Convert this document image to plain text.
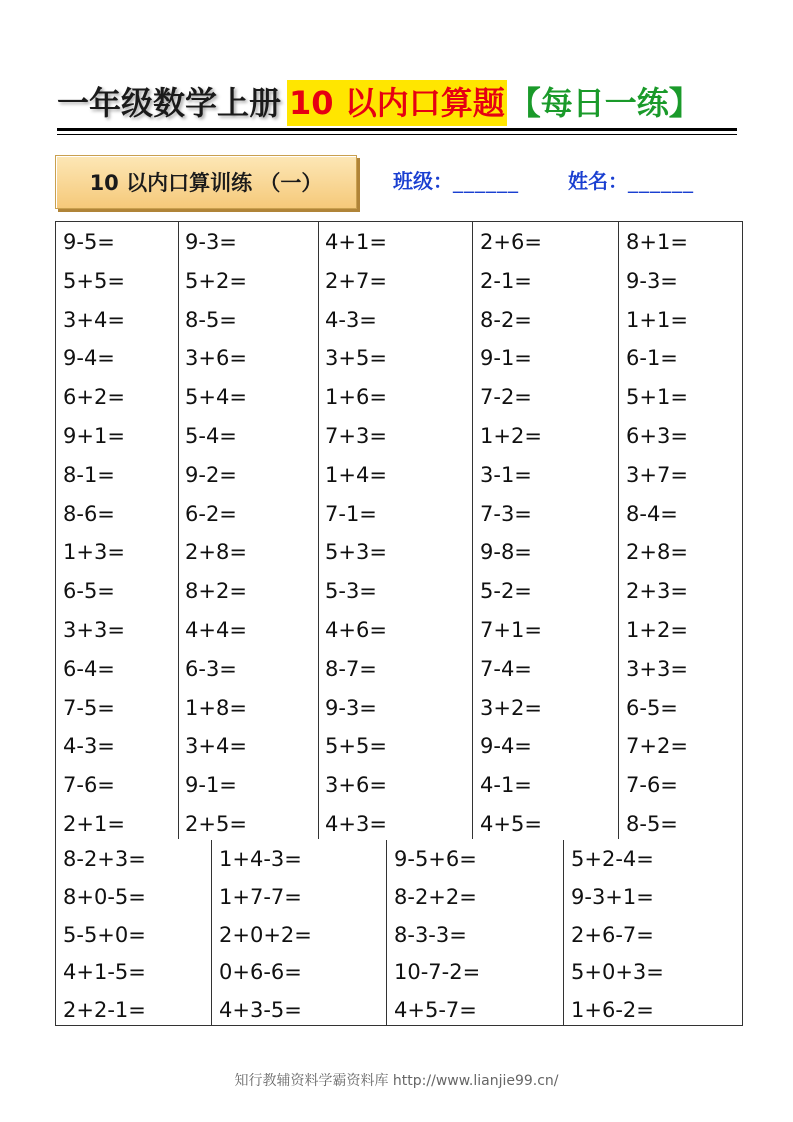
一年级数学上册 10 以内口算题 【每日一练】
10 以内口算训练 （一）	班级：______ 姓名：______
9-5=
5+5=
3+4=
9-4=
6+2=
9+1=
8-1=
8-6=
1+3=
6-5=
3+3=
6-4=
7-5=
4-3=
7-6=
2+1=
9-3=
5+2=
8-5=
3+6=
5+4=
5-4=
9-2=
6-2=
2+8=
8+2=
4+4=
6-3=
1+8=
3+4=
9-1=
2+5=
4+1=
2+7=
4-3=
3+5=
1+6=
7+3=
1+4=
7-1=
5+3=
5-3=
4+6=
8-7=
9-3=
5+5=
3+6=
4+3=
2+6=
2-1=
8-2=
9-1=
7-2=
1+2=
3-1=
7-3=
9-8=
5-2=
7+1=
7-4=
3+2=
9-4=
4-1=
4+5=
8+1=
9-3=
1+1=
6-1=
5+1=
6+3=
3+7=
8-4=
2+8=
2+3=
1+2=
3+3=
6-5=
7+2=
7-6=
8-5=
8-2+3=
8+0-5=
5-5+0=
4+1-5=
2+2-1=
1+4-3=
1+7-7=
2+0+2=
0+6-6=
4+3-5=
9-5+6=
8-2+2=
8-3-3=
10-7-2=
4+5-7=
5+2-4=
9-3+1=
2+6-7=
5+0+3=
1+6-2=
知行教辅资料学霸资料库 http://www.lianjie99.cn/
